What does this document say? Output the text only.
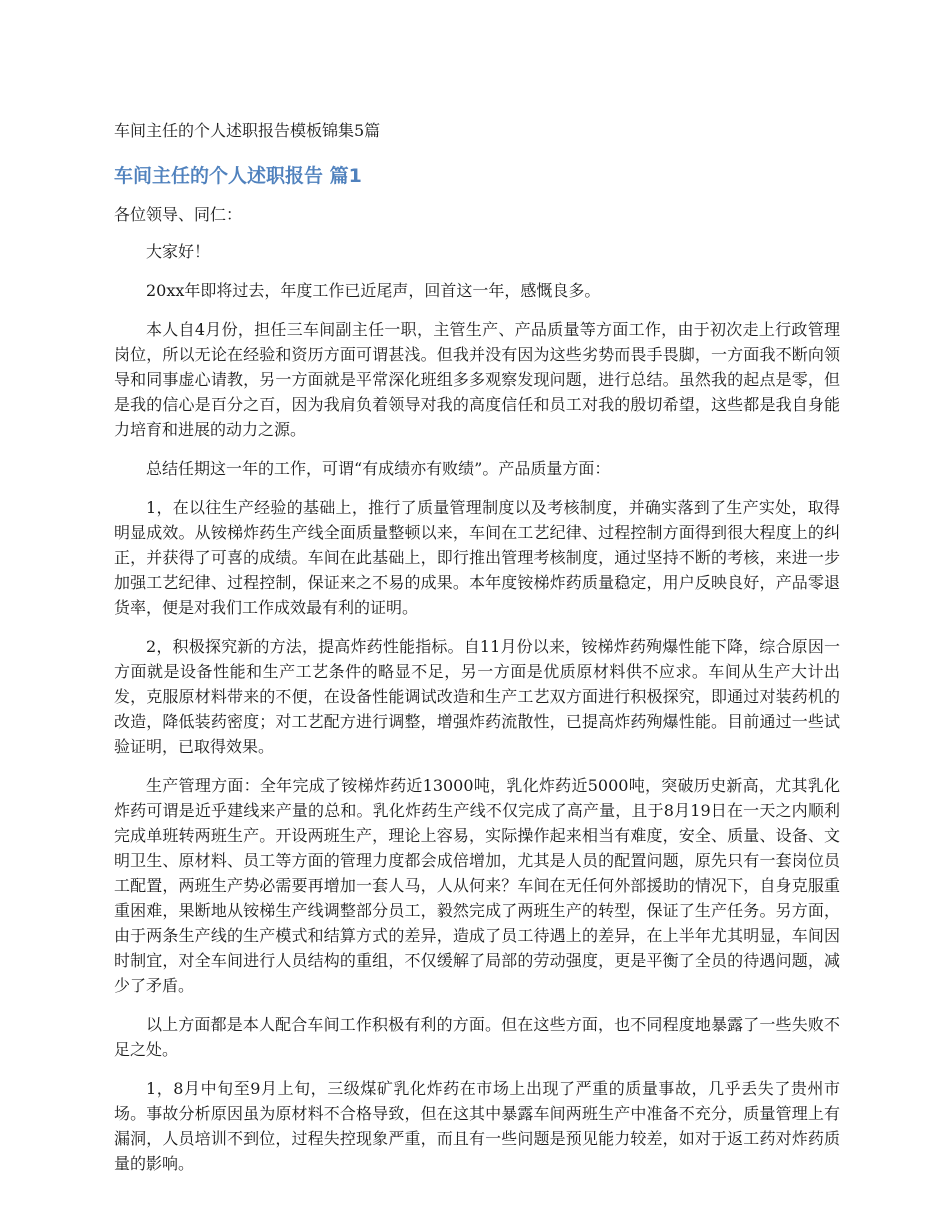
车间主任的个人述职报告模板锦集5篇
车间主任的个人述职报告 篇1
各位领导、同仁：

大家好！

20xx年即将过去，年度工作已近尾声，回首这一年，感慨良多。

本人自4月份，担任三车间副主任一职，主管生产、产品质量等方面工作，由于初次走上行政管理岗位，所以无论在经验和资历方面可谓甚浅。但我并没有因为这些劣势而畏手畏脚，一方面我不断向领导和同事虚心请教，另一方面就是平常深化班组多多观察发现问题，进行总结。虽然我的起点是零，但是我的信心是百分之百，因为我肩负着领导对我的高度信任和员工对我的殷切希望，这些都是我自身能力培育和进展的动力之源。

总结任期这一年的工作，可谓“有成绩亦有败绩”。产品质量方面：

1，在以往生产经验的基础上，推行了质量管理制度以及考核制度，并确实落到了生产实处，取得明显成效。从铵梯炸药生产线全面质量整顿以来，车间在工艺纪律、过程控制方面得到很大程度上的纠正，并获得了可喜的成绩。车间在此基础上，即行推出管理考核制度，通过坚持不断的考核，来进一步加强工艺纪律、过程控制，保证来之不易的成果。本年度铵梯炸药质量稳定，用户反映良好，产品零退货率，便是对我们工作成效最有利的证明。

2，积极探究新的方法，提高炸药性能指标。自11月份以来，铵梯炸药殉爆性能下降，综合原因一方面就是设备性能和生产工艺条件的略显不足，另一方面是优质原材料供不应求。车间从生产大计出发，克服原材料带来的不便，在设备性能调试改造和生产工艺双方面进行积极探究，即通过对装药机的改造，降低装药密度；对工艺配方进行调整，增强炸药流散性，已提高炸药殉爆性能。目前通过一些试验证明，已取得效果。

生产管理方面：全年完成了铵梯炸药近13000吨，乳化炸药近5000吨，突破历史新高，尤其乳化炸药可谓是近乎建线来产量的总和。乳化炸药生产线不仅完成了高产量，且于8月19日在一天之内顺利完成单班转两班生产。开设两班生产，理论上容易，实际操作起来相当有难度，安全、质量、设备、文明卫生、原材料、员工等方面的管理力度都会成倍增加，尤其是人员的配置问题，原先只有一套岗位员工配置，两班生产势必需要再增加一套人马，人从何来？车间在无任何外部援助的情况下，自身克服重重困难，果断地从铵梯生产线调整部分员工，毅然完成了两班生产的转型，保证了生产任务。另方面，由于两条生产线的生产模式和结算方式的差异，造成了员工待遇上的差异，在上半年尤其明显，车间因时制宜，对全车间进行人员结构的重组，不仅缓解了局部的劳动强度，更是平衡了全员的待遇问题，减少了矛盾。

以上方面都是本人配合车间工作积极有利的方面。但在这些方面，也不同程度地暴露了一些失败不足之处。

1，8月中旬至9月上旬，三级煤矿乳化炸药在市场上出现了严重的质量事故，几乎丢失了贵州市场。事故分析原因虽为原材料不合格导致，但在这其中暴露车间两班生产中准备不充分，质量管理上有漏洞，人员培训不到位，过程失控现象严重，而且有一些问题是预见能力较差，如对于返工药对炸药质量的影响。
